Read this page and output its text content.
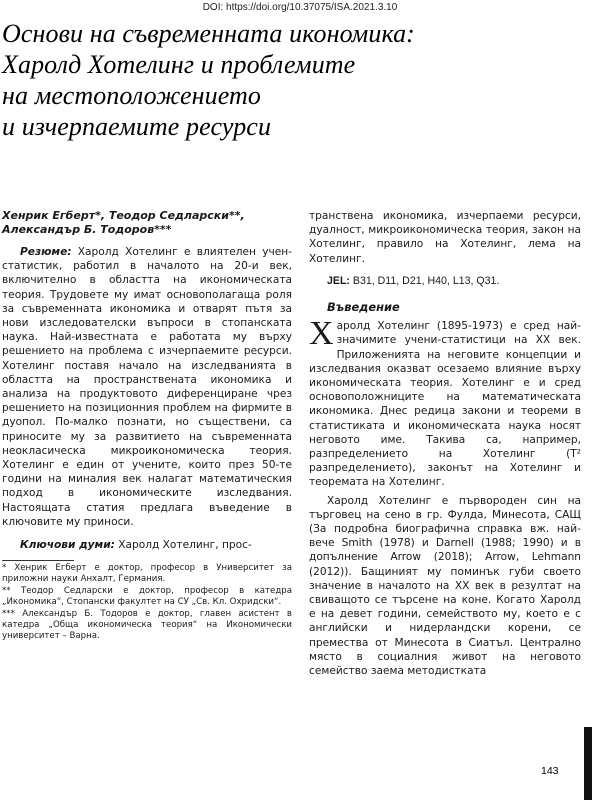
DOI: https://doi.org/10.37075/ISA.2021.3.10
Основи на съвременната икономика:
Харолд Хотелинг и проблемите
на местоположението
и изчерпаемите ресурси
Хенрик Егберт*, Теодор Седларски**,
Александър Б. Тодоров***

Резюме: Харолд Хотелинг е влиятелен учен-статистик, работил в началото на 20-и век, включително в областта на икономическата теория. Трудовете му имат основополагаща роля за съвременната икономика и отварят пътя за нови изследователски въпроси в стопанската наука. Най-известната е работата му върху решението на проблема с изчерпаемите ресурси. Хотелинг поставя начало на изследванията в областта на пространствената икономика и анализа на продуктовото диференциране чрез решението на позиционния проблем на фирмите в дуопол. По-малко познати, но съществени, са приносите му за развитието на съвременната неокласическа микроикономическа теория. Хотелинг е един от учените, които през 50-те години на миналия век налагат математическия подход в икономическите изследвания. Настоящата статия предлага въведение в ключовите му приноси.

Ключови думи: Харолд Хотелинг, прос-

* Хенрик Егберт е доктор, професор в Университет за приложни науки Анхалт, Германия.

** Теодор Седларски е доктор, професор в катедра „Икономика“, Стопански факултет на СУ „Св. Кл. Охридски“.

*** Александър Б. Тодоров е доктор, главен асистент в катедра „Обща икономическа теория“ на Икономически университет – Варна.

транствена икономика, изчерпаеми ресурси, дуалност, микроикономическа теория, закон на Хотелинг, правило на Хотелинг, лема на Хотелинг.

JEL: B31, D11, D21, H40, L13, Q31.

Въведение

Харолд Хотелинг (1895-1973) е сред най-значимите учени-статистици на XX век. Приложенията на неговите концепции и изследвания оказват осезаемо влияние върху икономическата теория. Хотелинг е и сред основоположниците на математическата икономика. Днес редица закони и теореми в статистиката и икономическата наука носят неговото име. Такива са, например, разпределението на Хотелинг (T² разпределението), законът на Хотелинг и теоремата на Хотелинг.

Харолд Хотелинг е първороден син на търговец на сено в гр. Фулда, Минесота, САЩ (За подробна биографична справка вж. най-вече Smith (1978) и Darnell (1988; 1990) и в допълнение Arrow (2018); Arrow, Lehmann (2012)). Бащиният му поминък губи своето значение в началото на XX век в резултат на свиващото се търсене на коне. Когато Харолд е на девет години, семейството му, което е с английски и нидерландски корени, се премества от Минесота в Сиатъл. Централно място в социалния живот на неговото семейство заема методистката

143
